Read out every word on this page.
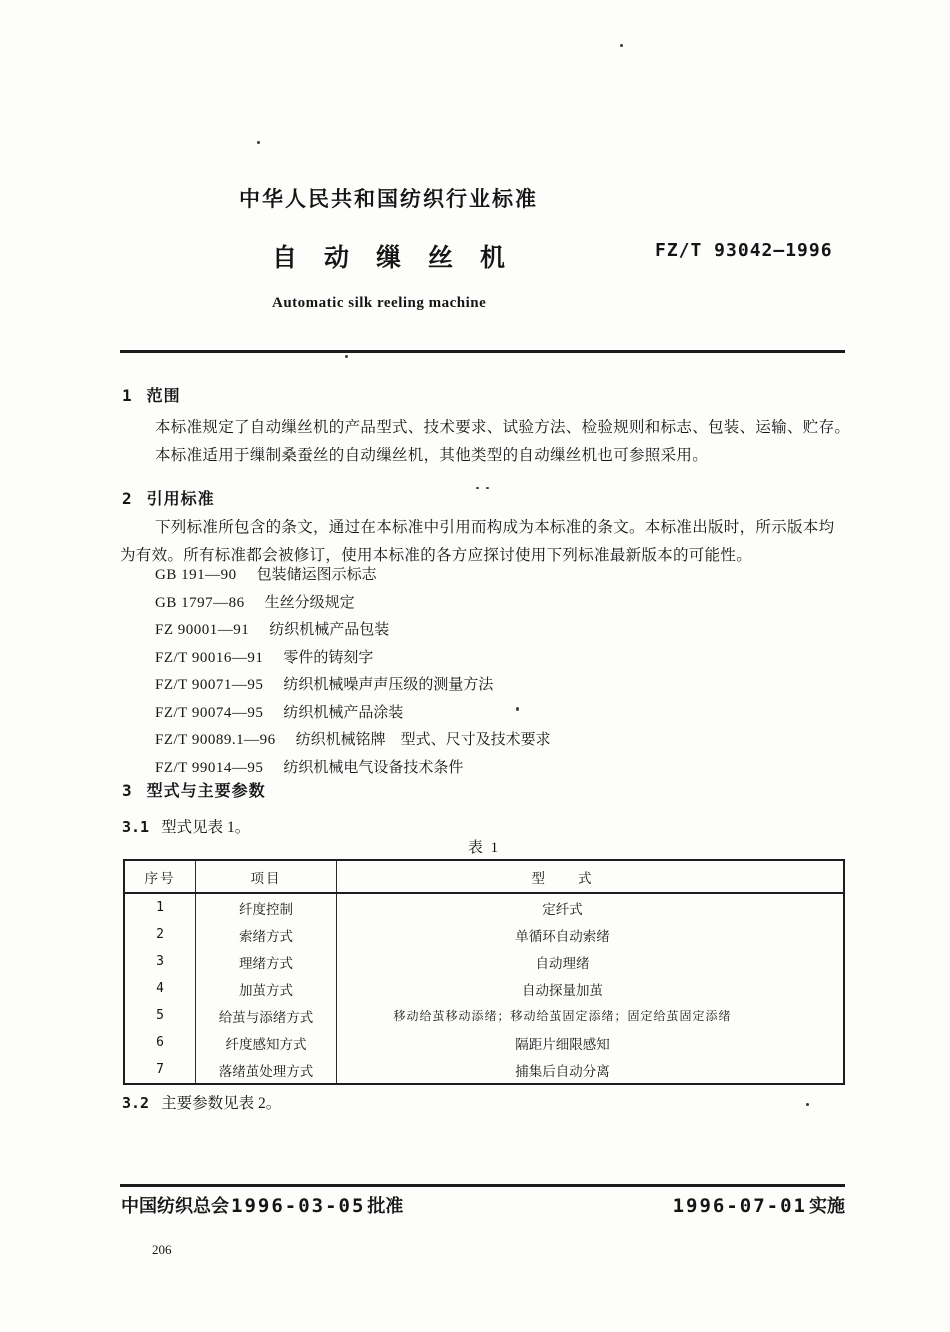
中华人民共和国纺织行业标准
自动缫丝机	FZ/T 93042—1996
Automatic silk reeling machine
1 范围
本标准规定了自动缫丝机的产品型式、技术要求、试验方法、检验规则和标志、包装、运输、贮存。
本标准适用于缫制桑蚕丝的自动缫丝机，其他类型的自动缫丝机也可参照采用。
2 引用标准
下列标准所包含的条文，通过在本标准中引用而构成为本标准的条文。本标准出版时，所示版本均
为有效。所有标准都会被修订，使用本标准的各方应探讨使用下列标准最新版本的可能性。
GB 191—90 包装储运图示标志
GB 1797—86 生丝分级规定
FZ 90001—91 纺织机械产品包装
FZ/T 90016—91 零件的铸刻字
FZ/T 90071—95 纺织机械噪声声压级的测量方法
FZ/T 90074—95 纺织机械产品涂装
FZ/T 90089.1—96 纺织机械铭牌　型式、尺寸及技术要求
FZ/T 99014—95 纺织机械电气设备技术条件
3 型式与主要参数
3.1 型式见表 1。
表 1
序号	项目	型　　式
1	纤度控制	定纤式
2	索绪方式	单循环自动索绪
3	理绪方式	自动理绪
4	加茧方式	自动探量加茧
5	给茧与添绪方式	移动给茧移动添绪；移动给茧固定添绪；固定给茧固定添绪
6	纤度感知方式	隔距片细限感知
7	落绪茧处理方式	捕集后自动分离
3.2 主要参数见表 2。
中国纺织总会 1996-03-05 批准	1996-07-01 实施
206
